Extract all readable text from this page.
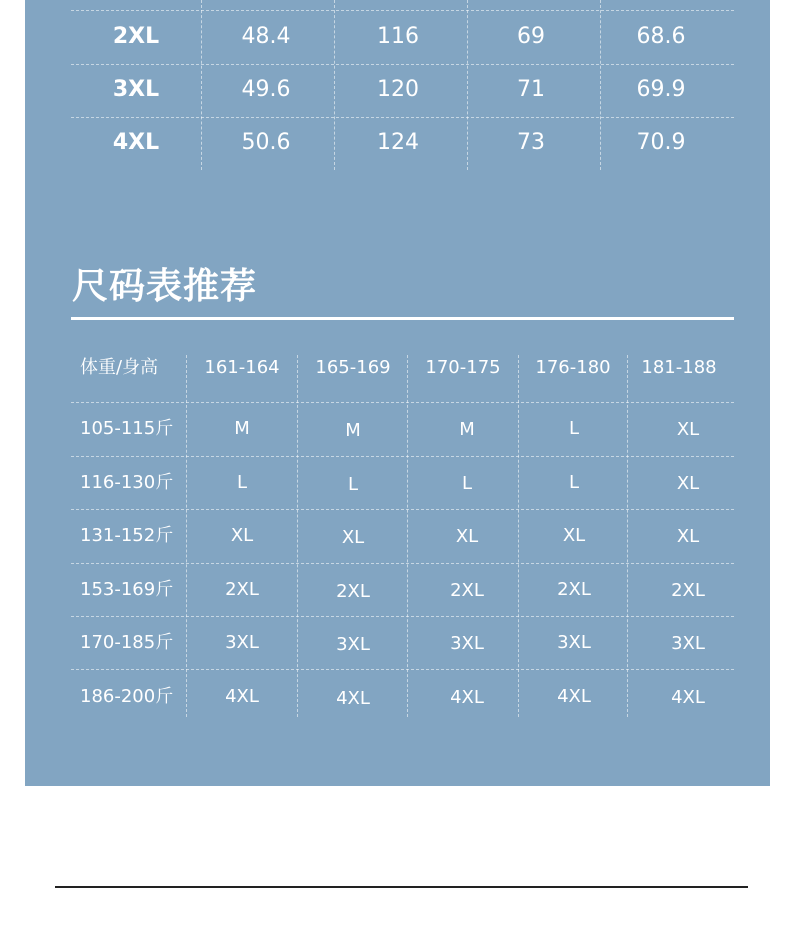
2XL	48.4	116	69	68.6
3XL	49.6	120	71	69.9
4XL	50.6	124	73	70.9
尺码表推荐
体重/身高	161-164	165-169	170-175	176-180	181-188
105-115斤	M	M	M	L	XL
116-130斤	L	L	L	L	XL
131-152斤	XL	XL	XL	XL	XL
153-169斤	2XL	2XL	2XL	2XL	2XL
170-185斤	3XL	3XL	3XL	3XL	3XL
186-200斤	4XL	4XL	4XL	4XL	4XL
